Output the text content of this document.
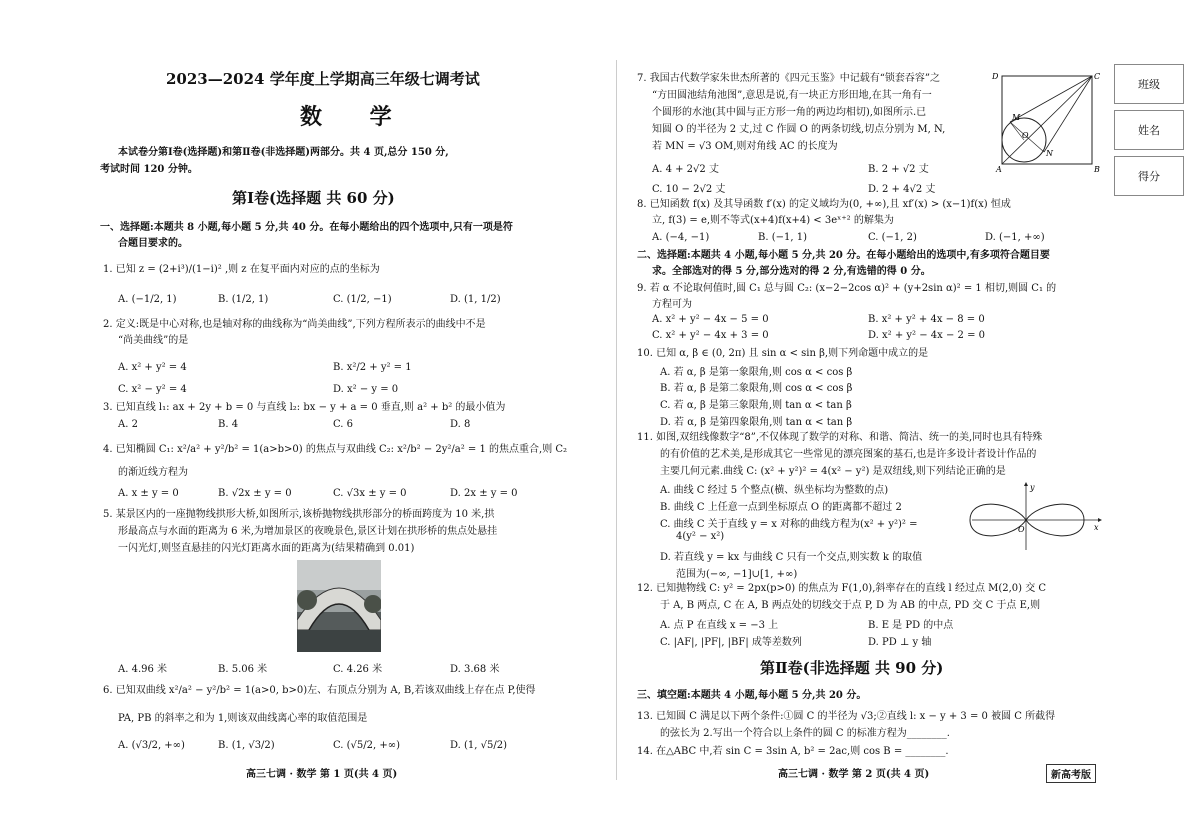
2023—2024 学年度上学期高三年级七调考试
数 学
本试卷分第Ⅰ卷(选择题)和第Ⅱ卷(非选择题)两部分。共 4 页,总分 150 分,
考试时间 120 分钟。
第Ⅰ卷(选择题 共 60 分)
一、选择题:本题共 8 小题,每小题 5 分,共 40 分。在每小题给出的四个选项中,只有一项是符
合题目要求的。
1. 已知 z = (2+i³)/(1−i)² ,则 z 在复平面内对应的点的坐标为
A. (−1/2, 1)	B. (1/2, 1)	C. (1/2, −1)	D. (1, 1/2)
2. 定义:既是中心对称,也是轴对称的曲线称为“尚美曲线”,下列方程所表示的曲线中不是
“尚美曲线”的是
A. x² + y² = 4	B. x²/2 + y² = 1
C. x² − y² = 4	D. x² − y = 0
3. 已知直线 l₁: ax + 2y + b = 0 与直线 l₂: bx − y + a = 0 垂直,则 a² + b² 的最小值为
A. 2	B. 4	C. 6	D. 8
4. 已知椭圆 C₁: x²/a² + y²/b² = 1(a>b>0) 的焦点与双曲线 C₂: x²/b² − 2y²/a² = 1 的焦点重合,则 C₂
的渐近线方程为
A. x ± y = 0	B. √2x ± y = 0	C. √3x ± y = 0	D. 2x ± y = 0
5. 某景区内的一座抛物线拱形大桥,如图所示,该桥抛物线拱形部分的桥面跨度为 10 米,拱
形最高点与水面的距离为 6 米,为增加景区的夜晚景色,景区计划在拱形桥的焦点处悬挂
一闪光灯,则竖直悬挂的闪光灯距离水面的距离为(结果精确到 0.01)
A. 4.96 米	B. 5.06 米	C. 4.26 米	D. 3.68 米
6. 已知双曲线 x²/a² − y²/b² = 1(a>0, b>0)左、右顶点分别为 A, B,若该双曲线上存在点 P,使得
PA, PB 的斜率之和为 1,则该双曲线离心率的取值范围是
A. (√3/2, +∞)	B. (1, √3/2)	C. (√5/2, +∞)	D. (1, √5/2)
高三七调 · 数学 第 1 页(共 4 页)
7. 我国古代数学家朱世杰所著的《四元玉鉴》中记载有“锁套吞容”之
“方田圆池结角池图”,意思是说,有一块正方形田地,在其一角有一
个圆形的水池(其中圆与正方形一角的两边均相切),如图所示.已
知圆 O 的半径为 2 丈,过 C 作圆 O 的两条切线,切点分别为 M, N,
若 MN = √3 OM,则对角线 AC 的长度为
A. 4 + 2√2 丈	B. 2 + √2 丈
C. 10 − 2√2 丈	D. 2 + 4√2 丈
D	C
A	B
M
N
O
8. 已知函数 f(x) 及其导函数 f′(x) 的定义域均为(0, +∞),且 xf′(x) > (x−1)f(x) 恒成
立, f(3) = e,则不等式(x+4)f(x+4) < 3eˣ⁺² 的解集为
A. (−4, −1)	B. (−1, 1)	C. (−1, 2)	D. (−1, +∞)
二、选择题:本题共 4 小题,每小题 5 分,共 20 分。在每小题给出的选项中,有多项符合题目要
求。全部选对的得 5 分,部分选对的得 2 分,有选错的得 0 分。
9. 若 α 不论取何值时,圆 C₁ 总与圆 C₂: (x−2−2cos α)² + (y+2sin α)² = 1 相切,则圆 C₁ 的
方程可为
A. x² + y² − 4x − 5 = 0	B. x² + y² + 4x − 8 = 0
C. x² + y² − 4x + 3 = 0	D. x² + y² − 4x − 2 = 0
10. 已知 α, β ∈ (0, 2π) 且 sin α < sin β,则下列命题中成立的是
A. 若 α, β 是第一象限角,则 cos α < cos β
B. 若 α, β 是第二象限角,则 cos α < cos β
C. 若 α, β 是第三象限角,则 tan α < tan β
D. 若 α, β 是第四象限角,则 tan α < tan β
11. 如图,双纽线像数字“8”,不仅体现了数学的对称、和谐、简洁、统一的美,同时也具有特殊
的有价值的艺术美,是形成其它一些常见的漂亮图案的基石,也是许多设计者设计作品的
主要几何元素.曲线 C: (x² + y²)² = 4(x² − y²) 是双纽线,则下列结论正确的是
A. 曲线 C 经过 5 个整点(横、纵坐标均为整数的点)
B. 曲线 C 上任意一点到坐标原点 O 的距离都不超过 2
C. 曲线 C 关于直线 y = x 对称的曲线方程为(x² + y²)² =
4(y² − x²)
D. 若直线 y = kx 与曲线 C 只有一个交点,则实数 k 的取值
范围为(−∞, −1]∪[1, +∞)
y
x
O
12. 已知抛物线 C: y² = 2px(p>0) 的焦点为 F(1,0),斜率存在的直线 l 经过点 M(2,0) 交 C
于 A, B 两点, C 在 A, B 两点处的切线交于点 P, D 为 AB 的中点, PD 交 C 于点 E,则
A. 点 P 在直线 x = −3 上	B. E 是 PD 的中点
C. |AF|, |PF|, |BF| 成等差数列	D. PD ⊥ y 轴
第Ⅱ卷(非选择题 共 90 分)
三、填空题:本题共 4 小题,每小题 5 分,共 20 分。
13. 已知圆 C 满足以下两个条件:①圆 C 的半径为 √3;②直线 l: x − y + 3 = 0 被圆 C 所截得
的弦长为 2.写出一个符合以上条件的圆 C 的标准方程为________.
14. 在△ABC 中,若 sin C = 3sin A, b² = 2ac,则 cos B = ________.
高三七调 · 数学 第 2 页(共 4 页)	新高考版
班级
姓名
得分
